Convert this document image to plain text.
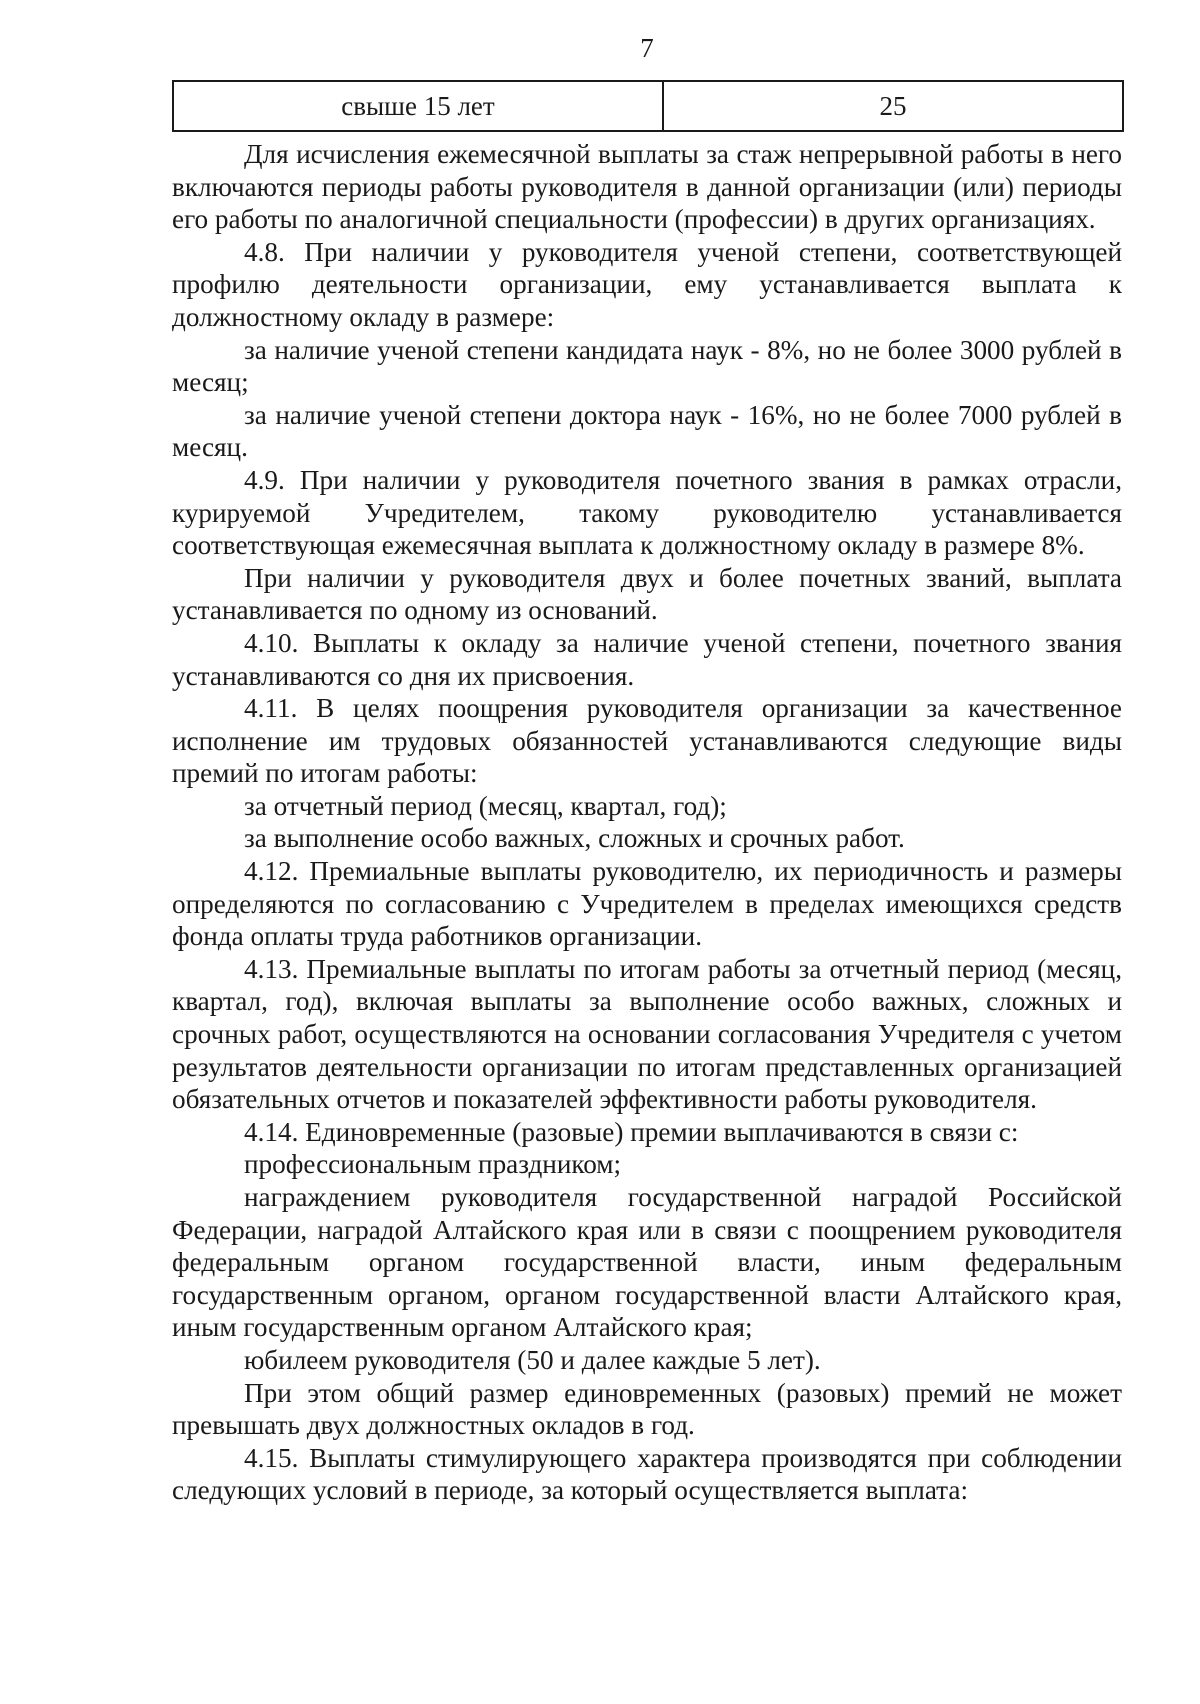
7
свыше 15 лет	25

Для исчисления ежемесячной выплаты за стаж непрерывной работы в него включаются периоды работы руководителя в данной организации (или) периоды его работы по аналогичной специальности (профессии) в других организациях.

4.8. При наличии у руководителя ученой степени, соответствующей профилю деятельности организации, ему устанавливается выплата к должностному окладу в размере:

за наличие ученой степени кандидата наук - 8%, но не более 3000 рублей в месяц;

за наличие ученой степени доктора наук - 16%, но не более 7000 рублей в месяц.

4.9. При наличии у руководителя почетного звания в рамках отрасли, курируемой Учредителем, такому руководителю устанавливается соответствующая ежемесячная выплата к должностному окладу в размере 8%.

При наличии у руководителя двух и более почетных званий, выплата устанавливается по одному из оснований.

4.10. Выплаты к окладу за наличие ученой степени, почетного звания устанавливаются со дня их присвоения.

4.11. В целях поощрения руководителя организации за качественное исполнение им трудовых обязанностей устанавливаются следующие виды премий по итогам работы:

за отчетный период (месяц, квартал, год);

за выполнение особо важных, сложных и срочных работ.

4.12. Премиальные выплаты руководителю, их периодичность и размеры определяются по согласованию с Учредителем в пределах имеющихся средств фонда оплаты труда работников организации.

4.13. Премиальные выплаты по итогам работы за отчетный период (месяц, квартал, год), включая выплаты за выполнение особо важных, сложных и срочных работ, осуществляются на основании согласования Учредителя с учетом результатов деятельности организации по итогам представленных организацией обязательных отчетов и показателей эффективности работы руководителя.

4.14. Единовременные (разовые) премии выплачиваются в связи с:

профессиональным праздником;

награждением руководителя государственной наградой Российской Федерации, наградой Алтайского края или в связи с поощрением руководителя федеральным органом государственной власти, иным федеральным государственным органом, органом государственной власти Алтайского края, иным государственным органом Алтайского края;

юбилеем руководителя (50 и далее каждые 5 лет).

При этом общий размер единовременных (разовых) премий не может превышать двух должностных окладов в год.

4.15. Выплаты стимулирующего характера производятся при соблюдении следующих условий в периоде, за который осуществляется выплата:
